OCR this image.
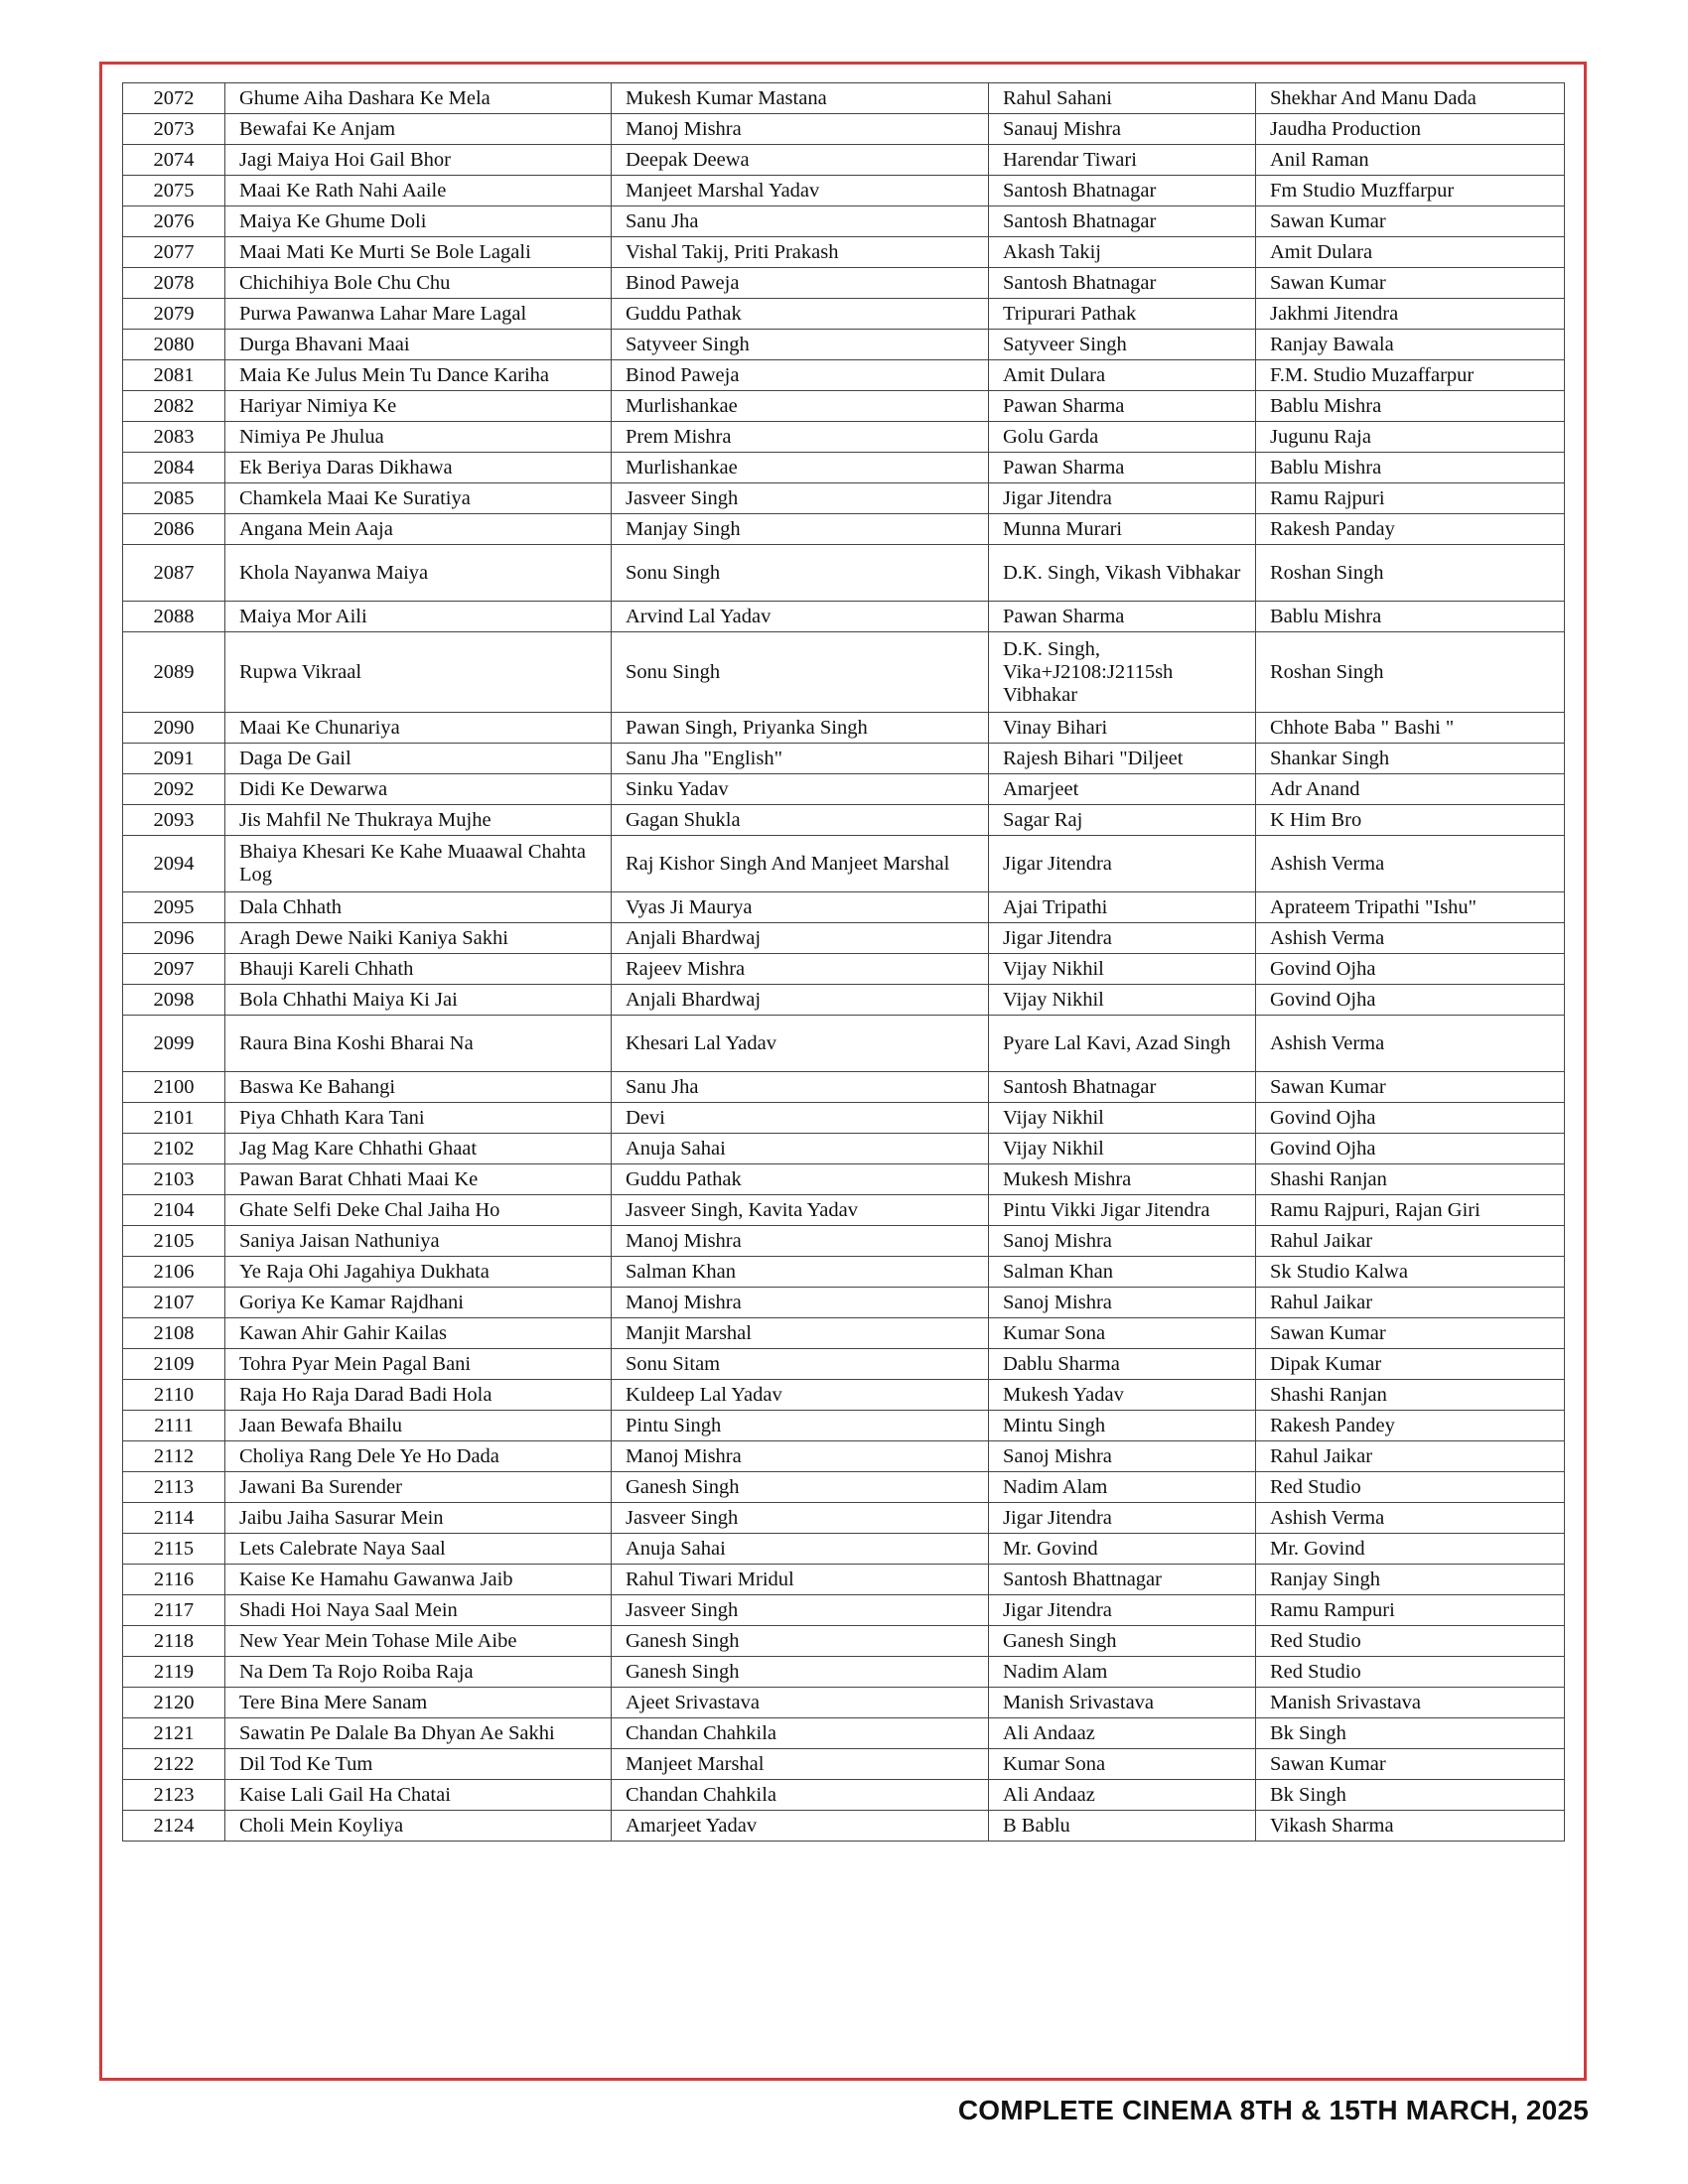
2072	Ghume Aiha Dashara Ke Mela	Mukesh Kumar Mastana	Rahul Sahani	Shekhar And Manu Dada
2073	Bewafai Ke Anjam	Manoj Mishra	Sanauj Mishra	Jaudha Production
2074	Jagi Maiya Hoi Gail Bhor	Deepak Deewa	Harendar Tiwari	Anil Raman
2075	Maai Ke Rath Nahi Aaile	Manjeet Marshal Yadav	Santosh Bhatnagar	Fm Studio Muzffarpur
2076	Maiya Ke Ghume Doli	Sanu Jha	Santosh Bhatnagar	Sawan Kumar
2077	Maai Mati Ke Murti Se Bole Lagali	Vishal Takij, Priti Prakash	Akash Takij	Amit Dulara
2078	Chichihiya Bole Chu Chu	Binod Paweja	Santosh Bhatnagar	Sawan Kumar
2079	Purwa Pawanwa Lahar Mare Lagal	Guddu Pathak	Tripurari Pathak	Jakhmi Jitendra
2080	Durga Bhavani Maai	Satyveer Singh	Satyveer Singh	Ranjay Bawala
2081	Maia Ke Julus Mein Tu Dance Kariha	Binod Paweja	Amit Dulara	F.M. Studio Muzaffarpur
2082	Hariyar Nimiya Ke	Murlishankae	Pawan Sharma	Bablu Mishra
2083	Nimiya Pe Jhulua	Prem Mishra	Golu Garda	Jugunu Raja
2084	Ek Beriya Daras Dikhawa	Murlishankae	Pawan Sharma	Bablu Mishra
2085	Chamkela Maai Ke Suratiya	Jasveer Singh	Jigar Jitendra	Ramu Rajpuri
2086	Angana Mein Aaja	Manjay Singh	Munna Murari	Rakesh Panday
2087	Khola Nayanwa Maiya	Sonu Singh	D.K. Singh, Vikash Vibhakar	Roshan Singh
2088	Maiya Mor Aili	Arvind Lal Yadav	Pawan Sharma	Bablu Mishra
2089	Rupwa Vikraal	Sonu Singh	D.K. Singh, Vika+J2108:J2115sh Vibhakar	Roshan Singh
2090	Maai Ke Chunariya	Pawan Singh, Priyanka Singh	Vinay Bihari	Chhote Baba " Bashi "
2091	Daga De Gail	Sanu Jha "English"	Rajesh Bihari "Diljeet	Shankar Singh
2092	Didi Ke Dewarwa	Sinku Yadav	Amarjeet	Adr Anand
2093	Jis Mahfil Ne Thukraya Mujhe	Gagan Shukla	Sagar Raj	K Him Bro
2094	Bhaiya Khesari Ke Kahe Muaawal Chahta Log	Raj Kishor Singh And Manjeet Marshal	Jigar Jitendra	Ashish Verma
2095	Dala Chhath	Vyas Ji Maurya	Ajai Tripathi	Aprateem Tripathi "Ishu"
2096	Aragh Dewe Naiki Kaniya Sakhi	Anjali Bhardwaj	Jigar Jitendra	Ashish Verma
2097	Bhauji Kareli Chhath	Rajeev Mishra	Vijay Nikhil	Govind Ojha
2098	Bola Chhathi Maiya Ki Jai	Anjali Bhardwaj	Vijay Nikhil	Govind Ojha
2099	Raura Bina Koshi Bharai Na	Khesari Lal Yadav	Pyare Lal Kavi, Azad Singh	Ashish Verma
2100	Baswa Ke Bahangi	Sanu Jha	Santosh Bhatnagar	Sawan Kumar
2101	Piya Chhath Kara Tani	Devi	Vijay Nikhil	Govind Ojha
2102	Jag Mag Kare Chhathi Ghaat	Anuja Sahai	Vijay Nikhil	Govind Ojha
2103	Pawan Barat Chhati Maai Ke	Guddu Pathak	Mukesh Mishra	Shashi Ranjan
2104	Ghate Selfi Deke Chal Jaiha Ho	Jasveer Singh, Kavita Yadav	Pintu Vikki Jigar Jitendra	Ramu Rajpuri, Rajan Giri
2105	Saniya Jaisan Nathuniya	Manoj Mishra	Sanoj Mishra	Rahul Jaikar
2106	Ye Raja Ohi Jagahiya Dukhata	Salman Khan	Salman Khan	Sk Studio Kalwa
2107	Goriya Ke Kamar Rajdhani	Manoj Mishra	Sanoj Mishra	Rahul Jaikar
2108	Kawan Ahir Gahir Kailas	Manjit Marshal	Kumar Sona	Sawan Kumar
2109	Tohra Pyar Mein Pagal Bani	Sonu Sitam	Dablu Sharma	Dipak Kumar
2110	Raja Ho Raja Darad Badi Hola	Kuldeep Lal Yadav	Mukesh Yadav	Shashi Ranjan
2111	Jaan Bewafa Bhailu	Pintu Singh	Mintu Singh	Rakesh Pandey
2112	Choliya Rang Dele Ye Ho Dada	Manoj Mishra	Sanoj Mishra	Rahul Jaikar
2113	Jawani Ba Surender	Ganesh Singh	Nadim Alam	Red Studio
2114	Jaibu Jaiha Sasurar Mein	Jasveer Singh	Jigar Jitendra	Ashish Verma
2115	Lets Calebrate Naya Saal	Anuja Sahai	Mr. Govind	Mr. Govind
2116	Kaise Ke Hamahu Gawanwa Jaib	Rahul Tiwari Mridul	Santosh Bhattnagar	Ranjay Singh
2117	Shadi Hoi Naya Saal Mein	Jasveer Singh	Jigar Jitendra	Ramu Rampuri
2118	New Year Mein Tohase Mile Aibe	Ganesh Singh	Ganesh Singh	Red Studio
2119	Na Dem Ta Rojo Roiba Raja	Ganesh Singh	Nadim Alam	Red Studio
2120	Tere Bina Mere Sanam	Ajeet Srivastava	Manish Srivastava	Manish Srivastava
2121	Sawatin Pe Dalale Ba Dhyan Ae Sakhi	Chandan Chahkila	Ali Andaaz	Bk Singh
2122	Dil Tod Ke Tum	Manjeet Marshal	Kumar Sona	Sawan Kumar
2123	Kaise Lali Gail Ha Chatai	Chandan Chahkila	Ali Andaaz	Bk Singh
2124	Choli Mein Koyliya	Amarjeet Yadav	B Bablu	Vikash Sharma
COMPLETE CINEMA 8TH & 15TH MARCH, 2025
